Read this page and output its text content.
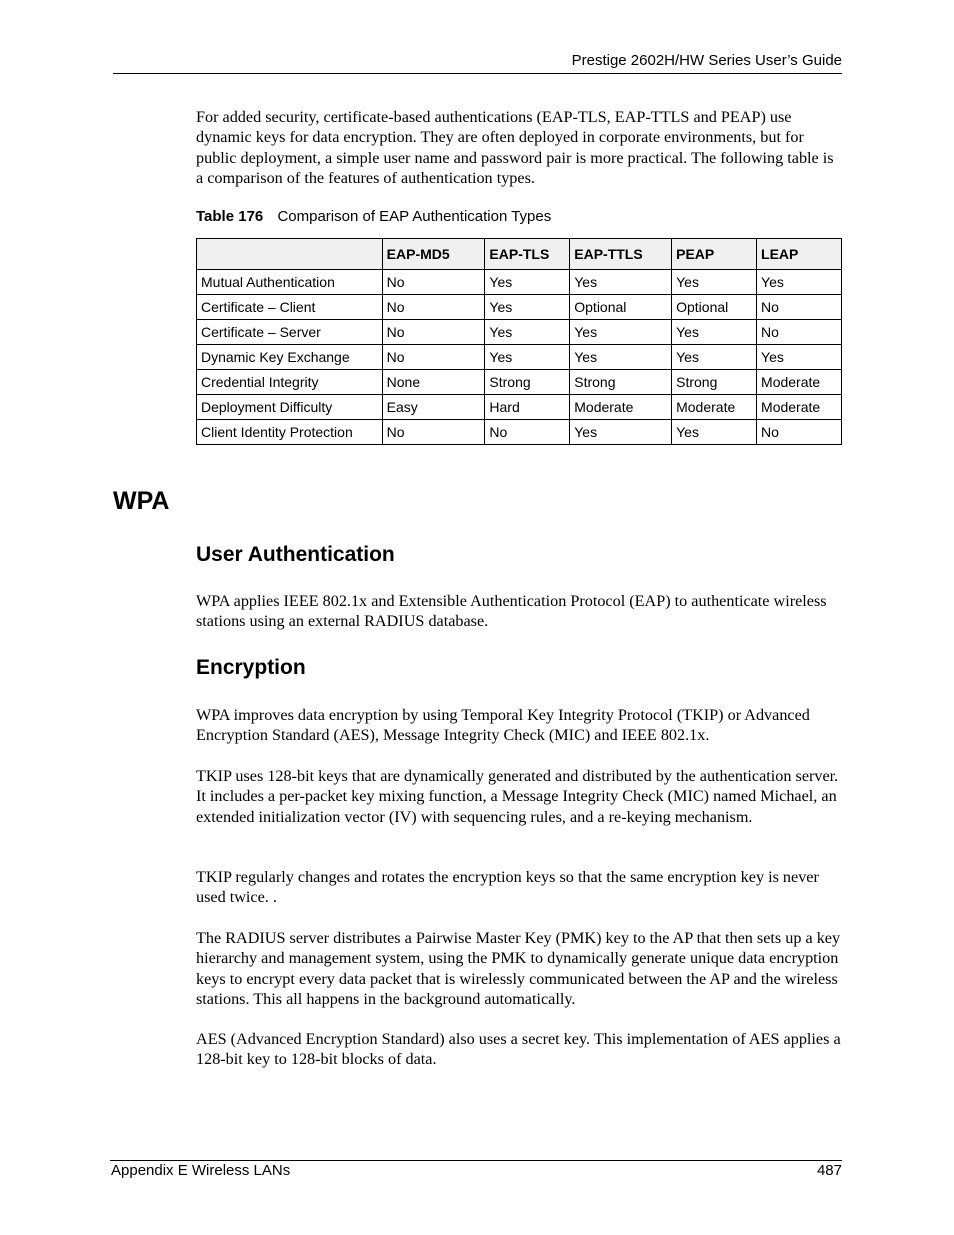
Prestige 2602H/HW Series User’s Guide

For added security, certificate-based authentications (EAP-TLS, EAP-TTLS and PEAP) use dynamic keys for data encryption. They are often deployed in corporate environments, but for public deployment, a simple user name and password pair is more practical. The following table is a comparison of the features of authentication types.

Table 176 Comparison of EAP Authentication Types
	EAP-MD5	EAP-TLS	EAP-TTLS	PEAP	LEAP
Mutual Authentication	No	Yes	Yes	Yes	Yes
Certificate – Client	No	Yes	Optional	Optional	No
Certificate – Server	No	Yes	Yes	Yes	No
Dynamic Key Exchange	No	Yes	Yes	Yes	Yes
Credential Integrity	None	Strong	Strong	Strong	Moderate
Deployment Difficulty	Easy	Hard	Moderate	Moderate	Moderate
Client Identity Protection	No	No	Yes	Yes	No
WPA
User Authentication

WPA applies IEEE 802.1x and Extensible Authentication Protocol (EAP) to authenticate wireless stations using an external RADIUS database.

Encryption

WPA improves data encryption by using Temporal Key Integrity Protocol (TKIP) or Advanced Encryption Standard (AES), Message Integrity Check (MIC) and IEEE 802.1x.

TKIP uses 128-bit keys that are dynamically generated and distributed by the authentication server. It includes a per-packet key mixing function, a Message Integrity Check (MIC) named Michael, an extended initialization vector (IV) with sequencing rules, and a re-keying mechanism.

TKIP regularly changes and rotates the encryption keys so that the same encryption key is never used twice. .

The RADIUS server distributes a Pairwise Master Key (PMK) key to the AP that then sets up a key hierarchy and management system, using the PMK to dynamically generate unique data encryption keys to encrypt every data packet that is wirelessly communicated between the AP and the wireless stations. This all happens in the background automatically.

AES (Advanced Encryption Standard) also uses a secret key. This implementation of AES applies a 128-bit key to 128-bit blocks of data.

Appendix E Wireless LANs	487
